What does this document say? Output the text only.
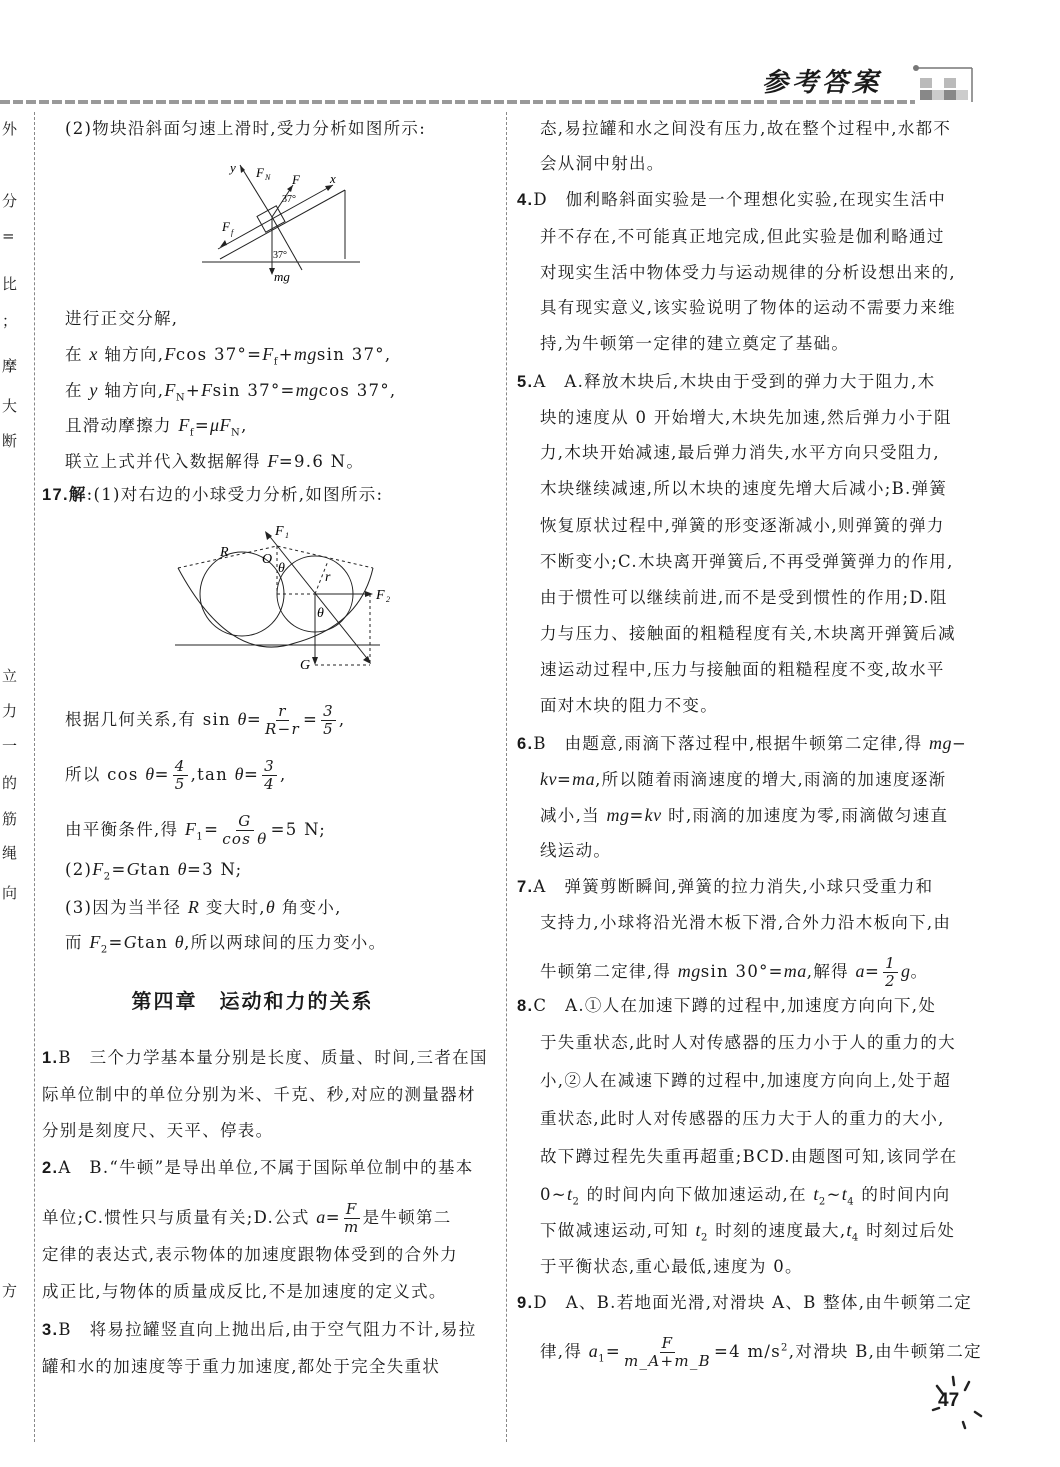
参考答案
外
分
=
比
；
摩
大
断
立
力
一
的
筋
绳
向
方
(2)物块沿斜面匀速上滑时,受力分析如图所示:
进行正交分解,
在 x 轴方向,Fcos $37^\circ=F_f+mgsin$ 37°,
在 y 轴方向$,F_N+Fsin$ 37°=mgcos 37°,
且滑动摩擦力 $F_f=\mu F_N$,
联立上式并代入数据解得 F=9.6 N。
17.解:(1)对右边的小球受力分析,如图所示:
根据几何关系,有 $\sin \theta= \frac{r}{R-r} = \frac{3}{5}$ ,
所以 $\cos \theta= \frac{4}{5} ,\tan$ $\theta= \frac{3}{4}$ ,
由平衡条件,得 $F_1= \frac{G}{\text{cos θ}} =5$ N;
$(2)F_2=Gtan$ θ=3 N;
(3)因为当半径 R 变大时,θ 角变小,
而 $F_2=Gtan$ θ,所以两球间的压力变小。
1.B　三个力学基本量分别是长度、质量、时间,三者在国
际单位制中的单位分别为米、千克、秒,对应的测量器材
分别是刻度尺、天平、停表。
2.A　B.“牛顿”是导出单位,不属于国际单位制中的基本
单位;C.惯性只与质量有关;D.公式 $a= \frac{F}{m}$ 是牛顿第二
定律的表达式,表示物体的加速度跟物体受到的合外力
成正比,与物体的质量成反比,不是加速度的定义式。
3.B　将易拉罐竖直向上抛出后,由于空气阻力不计,易拉
罐和水的加速度等于重力加速度,都处于完全失重状
态,易拉罐和水之间没有压力,故在整个过程中,水都不
会从洞中射出。
4.D　伽利略斜面实验是一个理想化实验,在现实生活中
并不存在,不可能真正地完成,但此实验是伽利略通过
对现实生活中物体受力与运动规律的分析设想出来的,
具有现实意义,该实验说明了物体的运动不需要力来维
持,为牛顿第一定律的建立奠定了基础。
5.A　A.释放木块后,木块由于受到的弹力大于阻力,木
块的速度从 0 开始增大,木块先加速,然后弹力小于阻
力,木块开始减速,最后弹力消失,水平方向只受阻力,
木块继续减速,所以木块的速度先增大后减小;B.弹簧
恢复原状过程中,弹簧的形变逐渐减小,则弹簧的弹力
不断变小;C.木块离开弹簧后,不再受弹簧弹力的作用,
由于惯性可以继续前进,而不是受到惯性的作用;D.阻
力与压力、接触面的粗糙程度有关,木块离开弹簧后减
速运动过程中,压力与接触面的粗糙程度不变,故水平
面对木块的阻力不变。
6.B　由题意,雨滴下落过程中,根据牛顿第二定律,得 mg−
kv=ma,所以随着雨滴速度的增大,雨滴的加速度逐渐
减小,当 mg=kv 时,雨滴的加速度为零,雨滴做匀速直
线运动。
7.A　弹簧剪断瞬间,弹簧的拉力消失,小球只受重力和
支持力,小球将沿光滑木板下滑,合外力沿木板向下,由
牛顿第二定律,得 mgsin 30°=ma,解得 $a= \frac{1}{2}$ g。
8.C　A.①人在加速下蹲的过程中,加速度方向向下,处
于失重状态,此时人对传感器的压力小于人的重力的大
小,②人在减速下蹲的过程中,加速度方向向上,处于超
重状态,此时人对传感器的压力大于人的重力的大小,
故下蹲过程先失重再超重;BCD.由题图可知,该同学在
$0\sim t_2$ 的时间内向下做加速运动,在 $t_2\sim t_4$ 的时间内向
下做减速运动,可知 $t_2$ 时刻的速度最大$,t_4$ 时刻过后处
于平衡状态,重心最低,速度为 0。
9.D　A、B.若地面光滑,对滑块 A、B 整体,由牛顿第二定
律,得 $a_1= \frac{F}{m\_A+m\_B} =4$ $m/s^2$,对滑块 B,由牛顿第二定
第四章　运动和力的关系
y F N F x
37°
F f
37°
mg
F 1
R O
θ
r
F 2
θ
G
47
